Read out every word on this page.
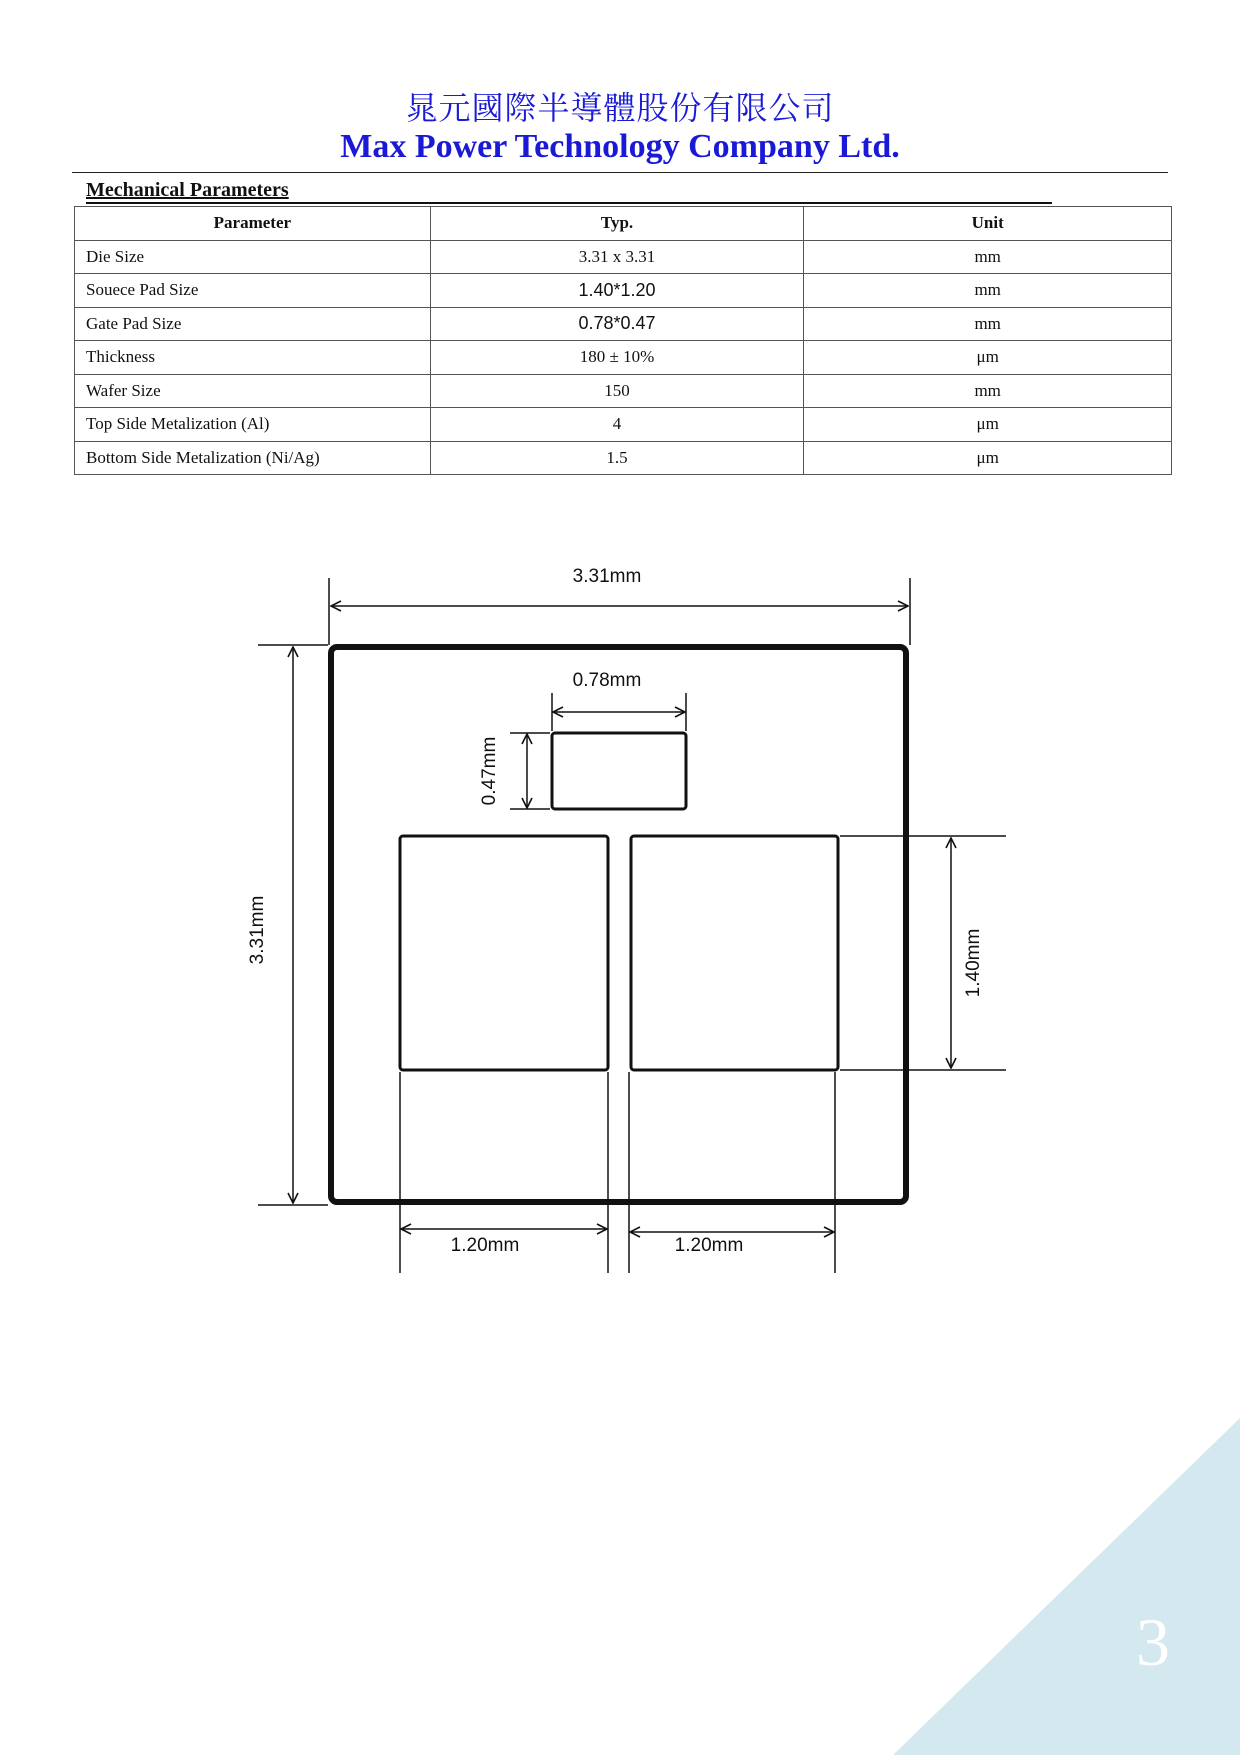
晁元國際半導體股份有限公司
Max Power Technology Company Ltd.
Mechanical Parameters
Parameter	Typ.	Unit
Die Size	3.31 x 3.31	mm
Souece Pad Size	1.40*1.20	mm
Gate Pad Size	0.78*0.47	mm
Thickness	180 ± 10%	μm
Wafer Size	150	mm
Top Side Metalization (Al)	4	μm
Bottom Side Metalization (Ni/Ag)	1.5	μm
3.31mm
3.31mm
0.78mm
0.47mm
1.40mm
1.20mm	1.20mm
3
